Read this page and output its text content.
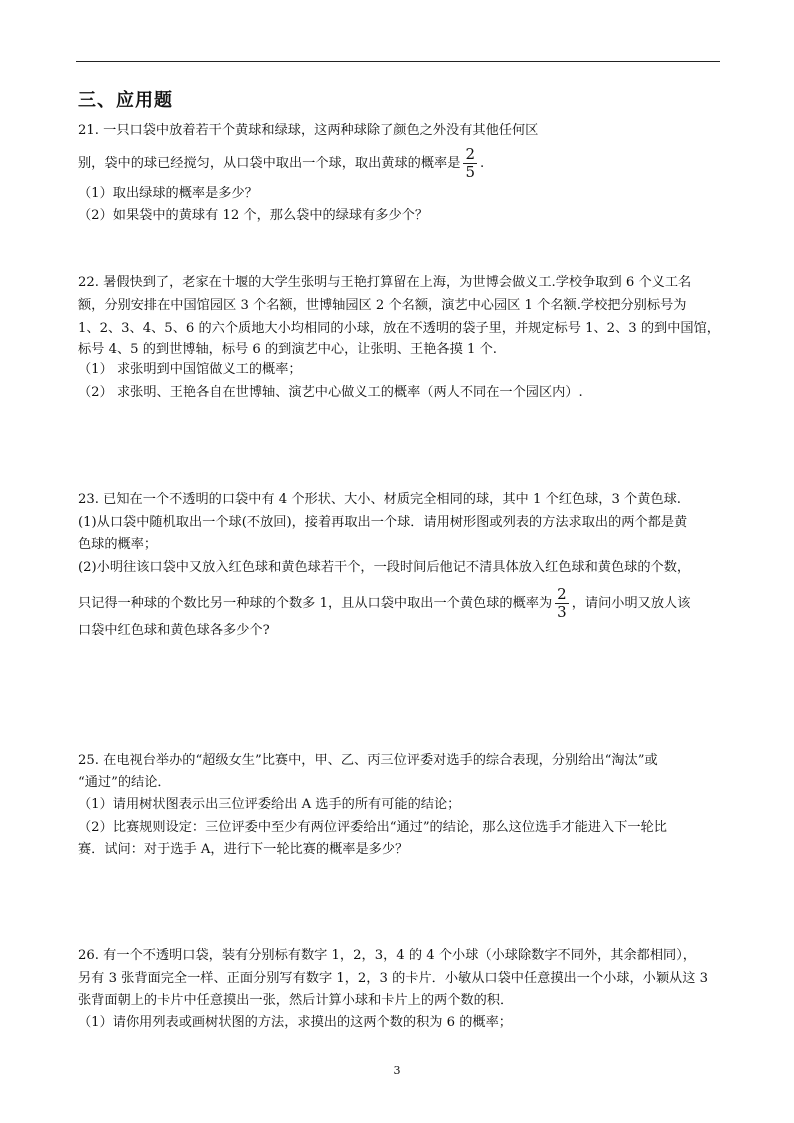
三、应用题
21. 一只口袋中放着若干个黄球和绿球，这两种球除了颜色之外没有其他任何区
别，袋中的球已经搅匀，从口袋中取出一个球，取出黄球的概率是 $\frac{2}{5}$ .
（1）取出绿球的概率是多少？
（2）如果袋中的黄球有 12 个，那么袋中的绿球有多少个？
22. 暑假快到了，老家在十堰的大学生张明与王艳打算留在上海，为世博会做义工.学校争取到 6 个义工名
额，分别安排在中国馆园区 3 个名额，世博轴园区 2 个名额，演艺中心园区 1 个名额.学校把分别标号为
1、2、3、4、5、6 的六个质地大小均相同的小球，放在不透明的袋子里，并规定标号 1、2、3 的到中国馆，
标号 4、5 的到世博轴，标号 6 的到演艺中心，让张明、王艳各摸 1 个.
（1） 求张明到中国馆做义工的概率；
（2） 求张明、王艳各自在世博轴、演艺中心做义工的概率（两人不同在一个园区内）.
23. 已知在一个不透明的口袋中有 4 个形状、大小、材质完全相同的球，其中 1 个红色球，3 个黄色球.
(1)从口袋中随机取出一个球(不放回)，接着再取出一个球．请用树形图或列表的方法求取出的两个都是黄
色球的概率；
(2)小明往该口袋中又放入红色球和黄色球若干个，一段时间后他记不清具体放入红色球和黄色球的个数，
只记得一种球的个数比另一种球的个数多 1，且从口袋中取出一个黄色球的概率为 $\frac{2}{3}$ ，请问小明又放人该
口袋中红色球和黄色球各多少个?
25. 在电视台举办的“超级女生”比赛中，甲、乙、丙三位评委对选手的综合表现，分别给出“淘汰”或
“通过”的结论．
（1）请用树状图表示出三位评委给出 A 选手的所有可能的结论；
（2）比赛规则设定：三位评委中至少有两位评委给出“通过”的结论，那么这位选手才能进入下一轮比
赛．试问：对于选手 A，进行下一轮比赛的概率是多少？
26. 有一个不透明口袋，装有分别标有数字 1，2，3，4 的 4 个小球（小球除数字不同外，其余都相同），
另有 3 张背面完全一样、正面分别写有数字 1，2，3 的卡片．小敏从口袋中任意摸出一个小球，小颖从这 3
张背面朝上的卡片中任意摸出一张，然后计算小球和卡片上的两个数的积．
（1）请你用列表或画树状图的方法，求摸出的这两个数的积为 6 的概率；
3
